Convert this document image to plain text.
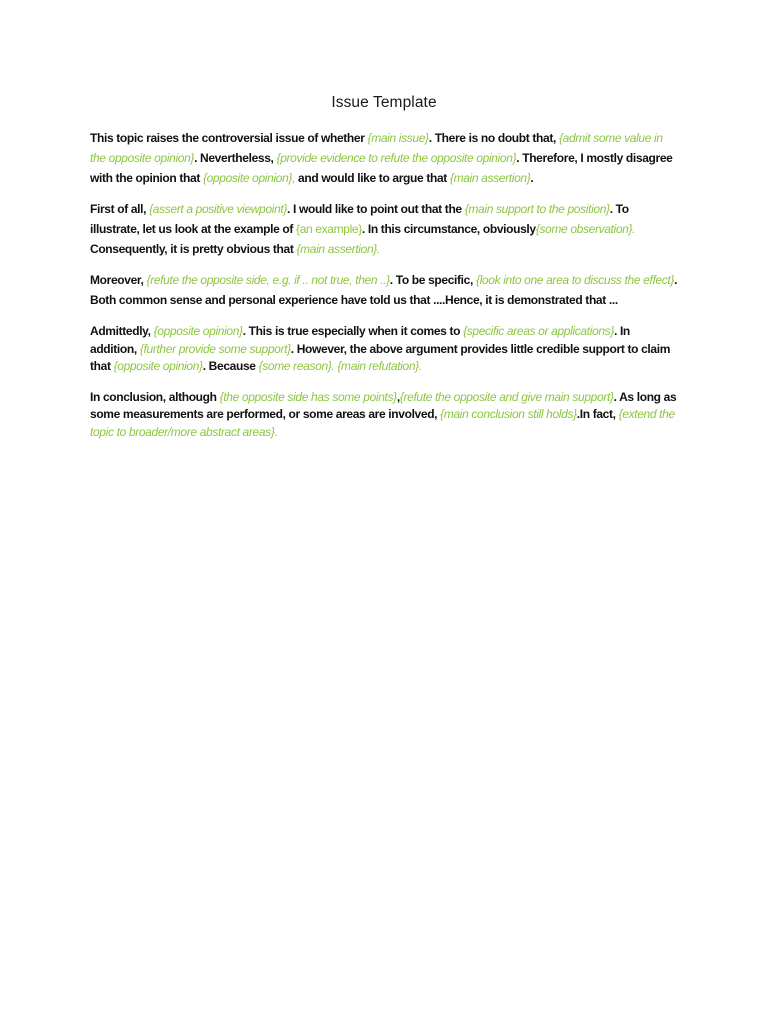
Issue Template

This topic raises the controversial issue of whether {main issue}. There is no doubt that, {admit some value in the opposite opinion}. Nevertheless, {provide evidence to refute the opposite opinion}. Therefore, I mostly disagree with the opinion that {opposite opinion}, and would like to argue that {main assertion}.

First of all, {assert a positive viewpoint}. I would like to point out that the {main support to the position}. To illustrate, let us look at the example of {an example}. In this circumstance, obviously{some observation}. Consequently, it is pretty obvious that {main assertion}.

Moreover, {refute the opposite side, e.g. if .. not true, then ..}. To be specific, {look into one area to discuss the effect}. Both common sense and personal experience have told us that ....Hence, it is demonstrated that ...

Admittedly, {opposite opinion}. This is true especially when it comes to {specific areas or applications}. In addition, {further provide some support}. However, the above argument provides little credible support to claim that {opposite opinion}. Because {some reason}. {main refutation}.

In conclusion, although {the opposite side has some points},{refute the opposite and give main support}. As long as some measurements are performed, or some areas are involved, {main conclusion still holds}.In fact, {extend the topic to broader/more abstract areas}.
